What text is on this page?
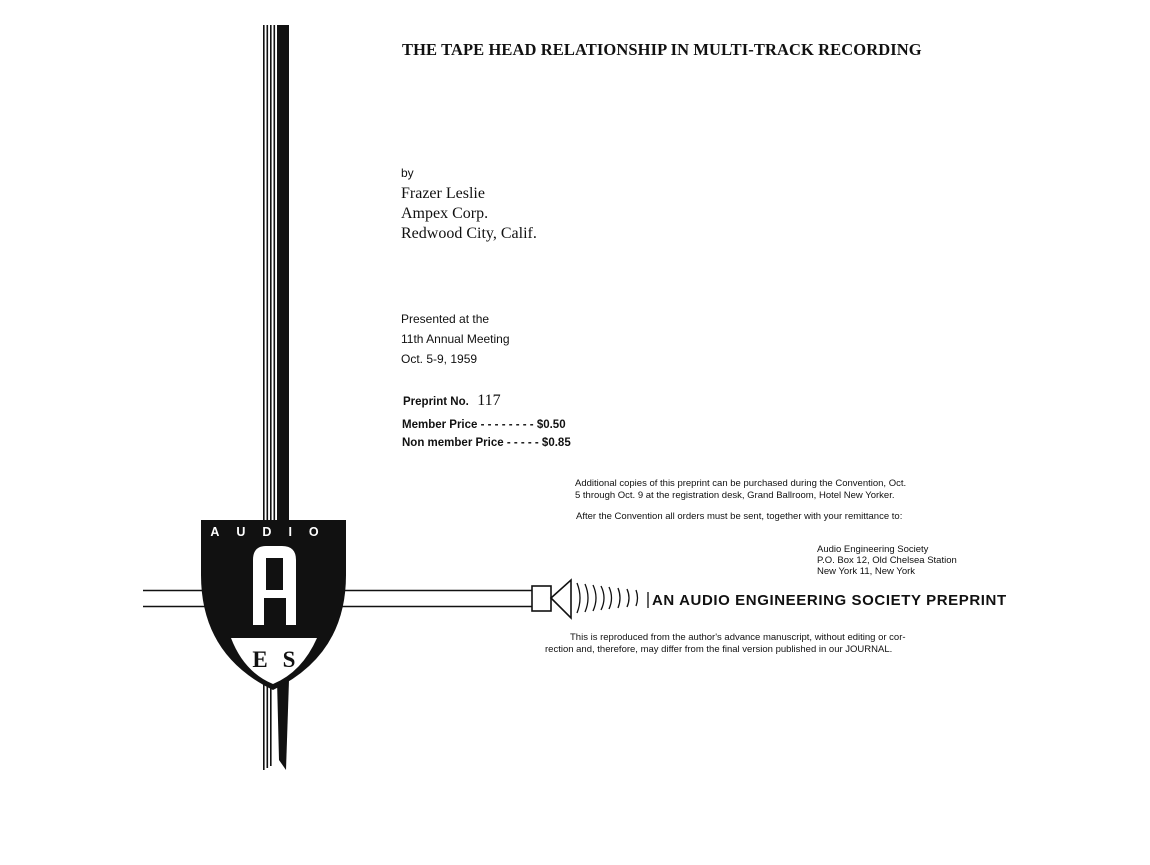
AUDIO
E S
THE TAPE HEAD RELATIONSHIP IN MULTI-TRACK RECORDING
by
Frazer Leslie
Ampex Corp.
Redwood City, Calif.
Presented at the
11th Annual Meeting
Oct. 5-9, 1959
Preprint No. 117
Member Price - - - - - - - - $0.50
Non member Price - - - - - $0.85
Additional copies of this preprint can be purchased during the Convention, Oct.
5 through Oct. 9 at the registration desk, Grand Ballroom, Hotel New Yorker.
After the Convention all orders must be sent, together with your remittance to:
Audio Engineering Society
P.O. Box 12, Old Chelsea Station
New York 11, New York
AN AUDIO ENGINEERING SOCIETY PREPRINT
This is reproduced from the author's advance manuscript, without editing or cor-
rection and, therefore, may differ from the final version published in our JOURNAL.
